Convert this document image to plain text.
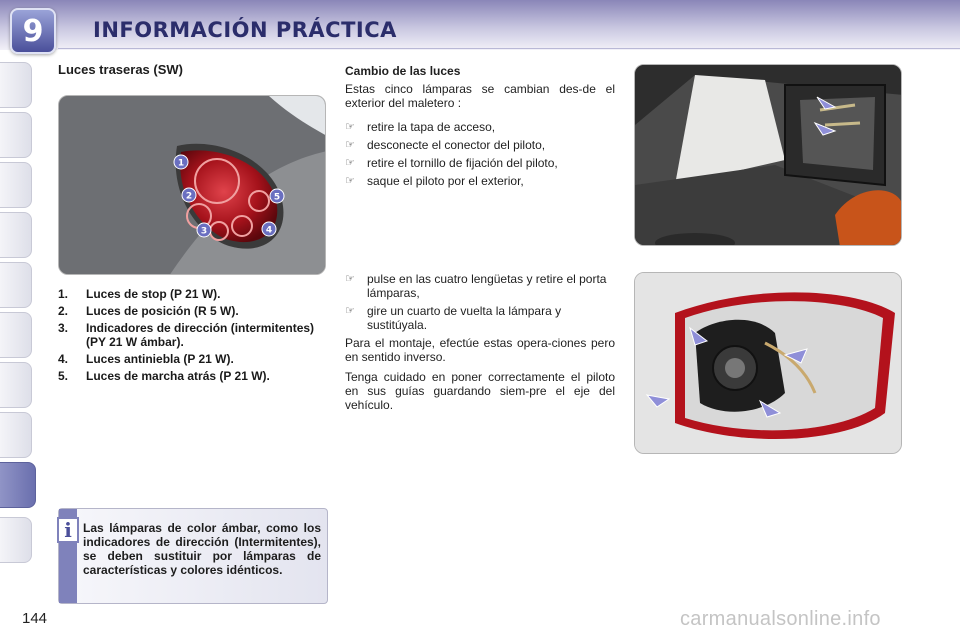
9	INFORMACIÓN PRÁCTICA
Luces traseras (SW)
1
2
3	4
5
1.	Luces de stop (P 21 W).
2.	Luces de posición (R 5 W).
3.	Indicadores de dirección (intermitentes) (PY 21 W ámbar).
4.	Luces antiniebla (P 21 W).
5.	Luces de marcha atrás (P 21 W).
i Las lámparas de color ámbar, como los indicadores de dirección (Intermitentes), se deben sustituir por lámparas de características y colores idénticos.
Cambio de las luces
Estas cinco lámparas se cambian des-de el exterior del maletero :
☞	retire la tapa de acceso,
☞	desconecte el conector del piloto,
☞	retire el tornillo de fijación del piloto,
☞	saque el piloto por el exterior,
☞	pulse en las cuatro lengüetas y retire el porta lámparas,
☞	gire un cuarto de vuelta la lámpara y sustitúyala.
Para el montaje, efectúe estas opera-ciones pero en sentido inverso.
Tenga cuidado en poner correctamente el piloto en sus guías guardando siem-pre el eje del vehículo.
144	carmanualsonline.info
